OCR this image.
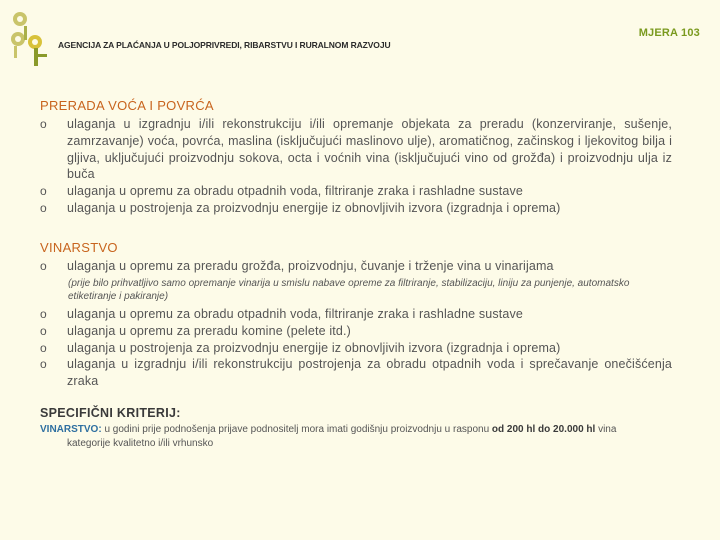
AGENCIJA ZA PLAĆANJA U POLJOPRIVREDI, RIBARSTVU I RURALNOM RAZVOJU
MJERA 103
PRERADA VOĆA I POVRĆA
o ulaganja u izgradnju i/ili rekonstrukciju i/ili opremanje objekata za preradu (konzerviranje, sušenje, zamrzavanje) voća, povrća, maslina (isključujući maslinovo ulje), aromatičnog, začinskog i ljekovitog bilja i gljiva, uključujući proizvodnju sokova, octa i voćnih vina (isključujući vino od grožđa) i proizvodnju ulja iz buča
o ulaganja u opremu za obradu otpadnih voda, filtriranje zraka i rashladne sustave
o ulaganja u postrojenja za proizvodnju energije iz obnovljivih izvora (izgradnja i oprema)
VINARSTVO
o ulaganja u opremu za preradu grožđa, proizvodnju, čuvanje i trženje vina u vinarijama
(prije bilo prihvatljivo samo opremanje vinarija u smislu nabave opreme za filtriranje, stabilizaciju, liniju za punjenje, automatsko etiketiranje i pakiranje)
o ulaganja u opremu za obradu otpadnih voda, filtriranje zraka i rashladne sustave
o ulaganja u opremu za preradu komine (pelete itd.)
o ulaganja u postrojenja za proizvodnju energije iz obnovljivih izvora (izgradnja i oprema)
o ulaganja u izgradnju i/ili rekonstrukciju postrojenja za obradu otpadnih voda i sprečavanje onečišćenja zraka
SPECIFIČNI KRITERIJ:
VINARSTVO: u godini prije podnošenja prijave podnositelj mora imati godišnju proizvodnju u rasponu od 200 hl do 20.000 hl vina
kategorije kvalitetno i/ili vrhunsko
